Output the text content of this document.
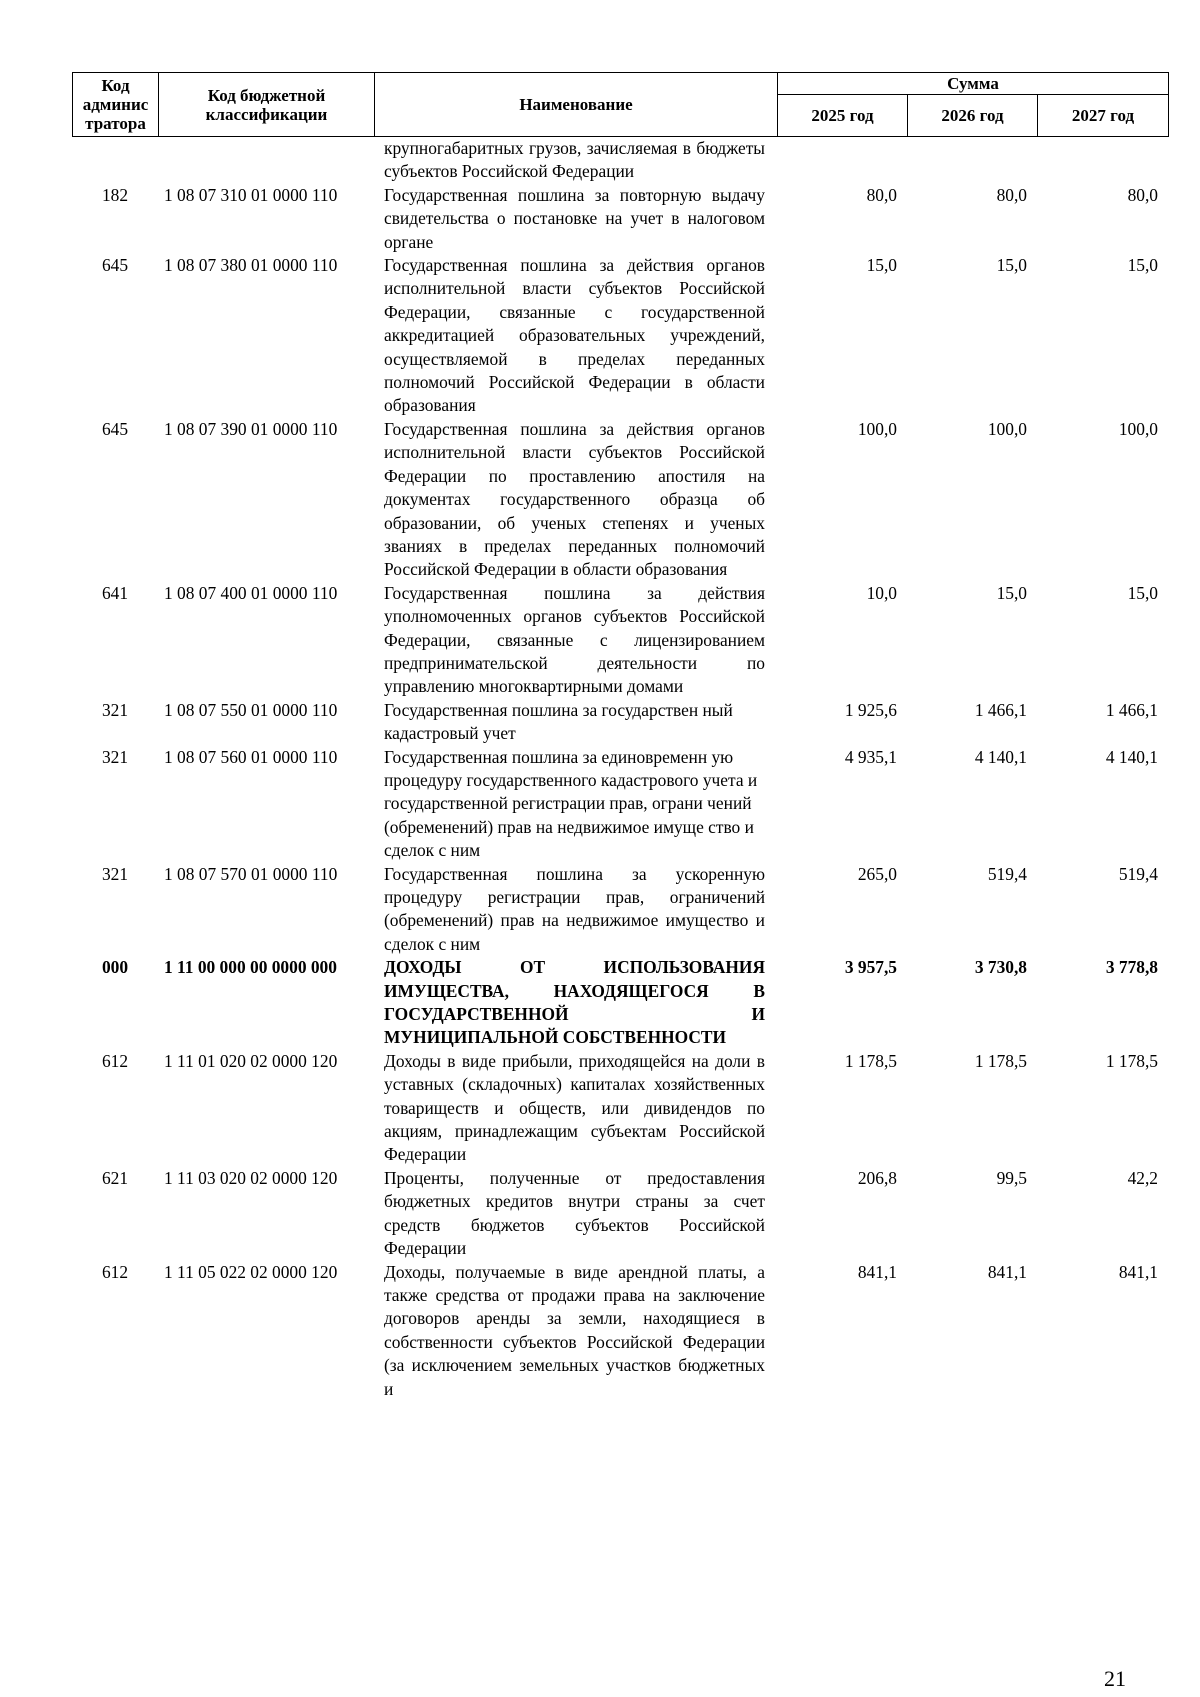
Код админис тратора	Код бюджетной классификации	Наименование	Сумма		
			2025 год	2026 год	2027 год
		крупногабаритных грузов, зачисляемая в бюджеты субъектов Российской Федерации			
182	1 08 07 310 01 0000 110	Государственная пошлина за повторную выдачу свидетельства о постановке на учет в налоговом органе	80,0	80,0	80,0
645	1 08 07 380 01 0000 110	Государственная пошлина за действия органов исполнительной власти субъектов Российской Федерации, связанные с государственной аккредитацией образовательных учреждений, осуществляемой в пределах переданных полномочий Российской Федерации в области образования	15,0	15,0	15,0
645	1 08 07 390 01 0000 110	Государственная пошлина за действия органов исполнительной власти субъектов Российской Федерации по проставлению апостиля на документах государственного образца об образовании, об ученых степенях и ученых званиях в пределах переданных полномочий Российской Федерации в области образования	100,0	100,0	100,0
641	1 08 07 400 01 0000 110	Государственная пошлина за действия уполномоченных органов субъектов Российской Федерации, связанные с лицензированием предпринимательской деятельности по управлению многоквартирными домами	10,0	15,0	15,0
321	1 08 07 550 01 0000 110	Государственная пошлина за государствен ный кадастровый учет	1 925,6	1 466,1	1 466,1
321	1 08 07 560 01 0000 110	Государственная пошлина за единовременн ую процедуру государственного кадастрового учета и государственной регистрации прав, ограни чений (обременений) прав на недвижимое имуще ство и сделок с ним	4 935,1	4 140,1	4 140,1
321	1 08 07 570 01 0000 110	Государственная пошлина за ускоренную процедуру регистрации прав, ограничений (обременений) прав на недвижимое имущество и сделок с ним	265,0	519,4	519,4
000	1 11 00 000 00 0000 000	ДОХОДЫ ОТ ИСПОЛЬЗОВАНИЯ ИМУЩЕСТВА, НАХОДЯЩЕГОСЯ В ГОСУДАРСТВЕННОЙ И МУНИЦИПАЛЬНОЙ СОБСТВЕННОСТИ	3 957,5	3 730,8	3 778,8
612	1 11 01 020 02 0000 120	Доходы в виде прибыли, приходящейся на доли в уставных (складочных) капиталах хозяйственных товариществ и обществ, или дивидендов по акциям, принадлежащим субъектам Российской Федерации	1 178,5	1 178,5	1 178,5
621	1 11 03 020 02 0000 120	Проценты, полученные от предоставления бюджетных кредитов внутри страны за счет средств бюджетов субъектов Российской Федерации	206,8	99,5	42,2
612	1 11 05 022 02 0000 120	Доходы, получаемые в виде арендной платы, а также средства от продажи права на заключение договоров аренды за земли, находящиеся в собственности субъектов Российской Федерации (за исключением земельных участков бюджетных и	841,1	841,1	841,1
21
